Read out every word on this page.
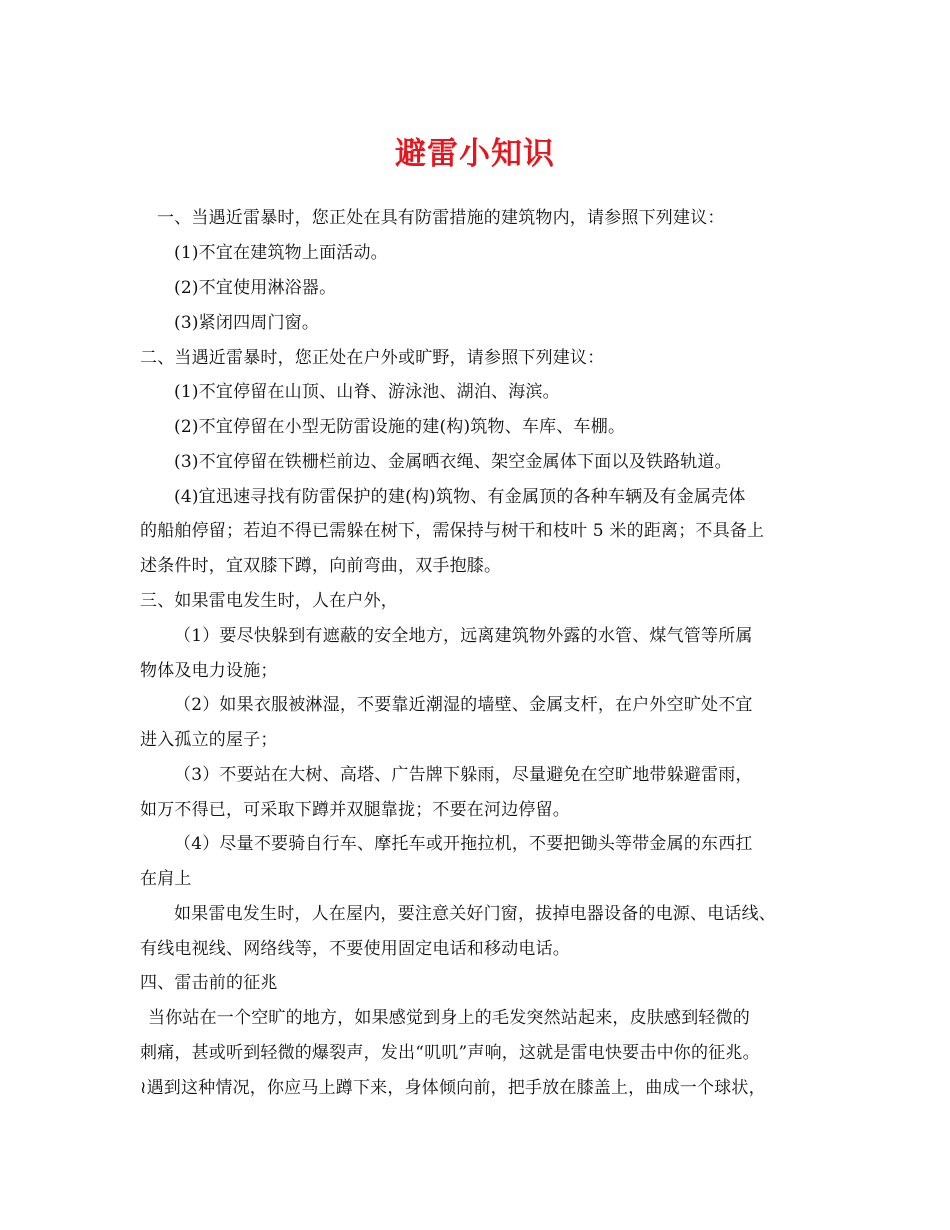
避雷小知识
一、当遇近雷暴时，您正处在具有防雷措施的建筑物内，请参照下列建议：
(1)不宜在建筑物上面活动。
(2)不宜使用淋浴器。
(3)紧闭四周门窗。
二、当遇近雷暴时，您正处在户外或旷野，请参照下列建议：
(1)不宜停留在山顶、山脊、游泳池、湖泊、海滨。
(2)不宜停留在小型无防雷设施的建(构)筑物、车库、车棚。
(3)不宜停留在铁栅栏前边、金属晒衣绳、架空金属体下面以及铁路轨道。
(4)宜迅速寻找有防雷保护的建(构)筑物、有金属顶的各种车辆及有金属壳体
的船舶停留；若迫不得已需躲在树下，需保持与树干和枝叶 5 米的距离；不具备上
述条件时，宜双膝下蹲，向前弯曲，双手抱膝。
三、如果雷电发生时，人在户外，
（1）要尽快躲到有遮蔽的安全地方，远离建筑物外露的水管、煤气管等所属
物体及电力设施；
（2）如果衣服被淋湿，不要靠近潮湿的墙壁、金属支杆，在户外空旷处不宜
进入孤立的屋子；
（3）不要站在大树、高塔、广告牌下躲雨，尽量避免在空旷地带躲避雷雨，
如万不得已，可采取下蹲并双腿靠拢；不要在河边停留。
（4）尽量不要骑自行车、摩托车或开拖拉机，不要把锄头等带金属的东西扛
在肩上
如果雷电发生时，人在屋内，要注意关好门窗，拔掉电器设备的电源、电话线、
有线电视线、网络线等，不要使用固定电话和移动电话。
四、雷击前的征兆
当你站在一个空旷的地方，如果感觉到身上的毛发突然站起来，皮肤感到轻微的
刺痛，甚或听到轻微的爆裂声，发出“叽叽”声响，这就是雷电快要击中你的征兆。
≀遇到这种情况，你应马上蹲下来，身体倾向前，把手放在膝盖上，曲成一个球状，
